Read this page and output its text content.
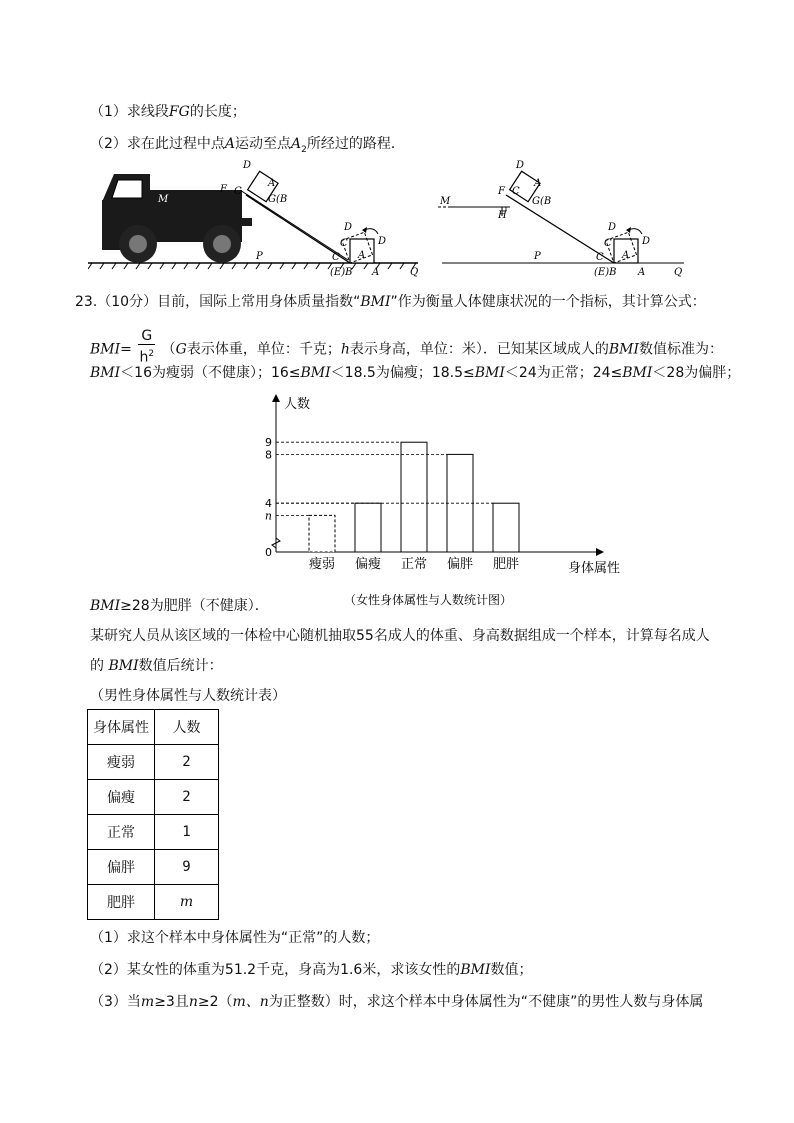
（1）求线段FG的长度；
（2）求在此过程中点A运动至点$A_2$所经过的路程．
D
F C
A
G(B
M
P
D
C	D
A
C
(E)B A	Q
M
D
F C
A
G(B
H
P
D
C	D
A
C
(E)B A	Q
23.（10分）目前，国际上常用身体质量指数“BMI”作为衡量人体健康状况的一个指标，其计算公式：
$BMI= \frac{G}{h^2} (G$表示体重，单位：千克；h表示身高，单位：米）．已知某区域成人的BMI数值标准为：
BMI＜16为瘦弱（不健康）；16≤BMI＜18.5为偏瘦；18.5≤BMI＜24为正常；24≤BMI＜28为偏胖；
人数
身体属性
（女性身体属性与人数统计图）
0
n
4
8
9
瘦弱 偏瘦 正常 偏胖 肥胖
BMI≥28为肥胖（不健康）．
某研究人员从该区域的一体检中心随机抽取55名成人的体重、身高数据组成一个样本，计算每名成人
的 BMI数值后统计：
（男性身体属性与人数统计表）
身体属性	人数
瘦弱	2
偏瘦	2
正常	1
偏胖	9
肥胖	m
（1）求这个样本中身体属性为“正常”的人数；
（2）某女性的体重为51.2千克，身高为1.6米，求该女性的BMI数值；
（3）当m≥3且n≥2（m、n为正整数）时，求这个样本中身体属性为“不健康”的男性人数与身体属
